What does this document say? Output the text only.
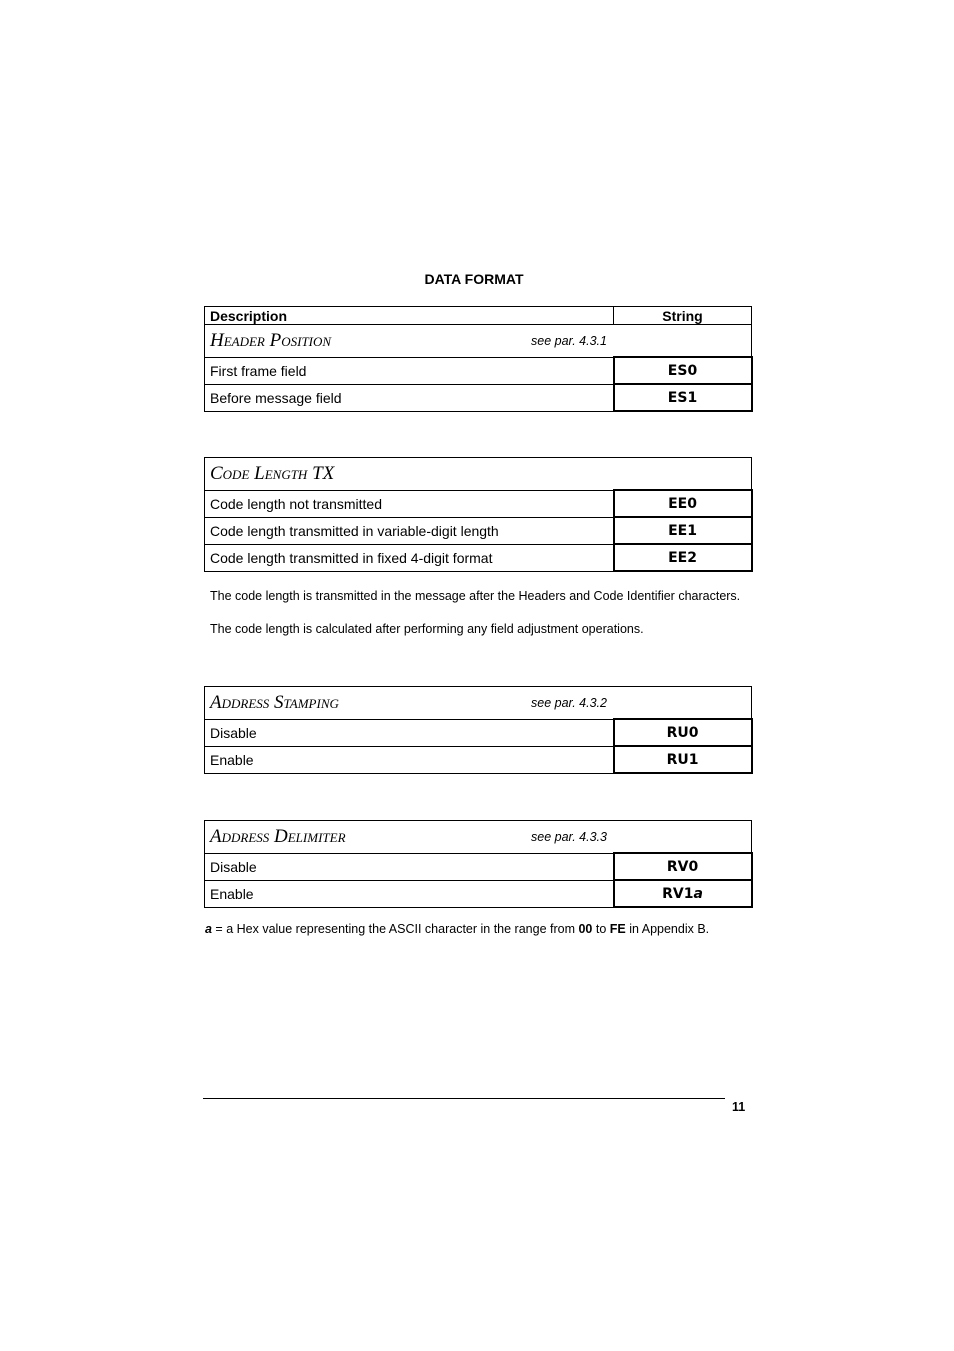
DATA FORMAT
Description	String
Header Position see par. 4.3.1	

First frame field	ES0
Before message field	ES1
Code Length TX	
Code length not transmitted	EE0
Code length transmitted in variable-digit length	EE1
Code length transmitted in fixed 4-digit format	EE2
The code length is transmitted in the message after the Headers and Code Identifier characters.
The code length is calculated after performing any field adjustment operations.
Address Stamping see par. 4.3.2	

Disable	RU0
Enable	RU1
Address Delimiter see par. 4.3.3	

Disable	RV0
Enable	RV1a
a = a Hex value representing the ASCII character in the range from 00 to FE in Appendix B.
11
